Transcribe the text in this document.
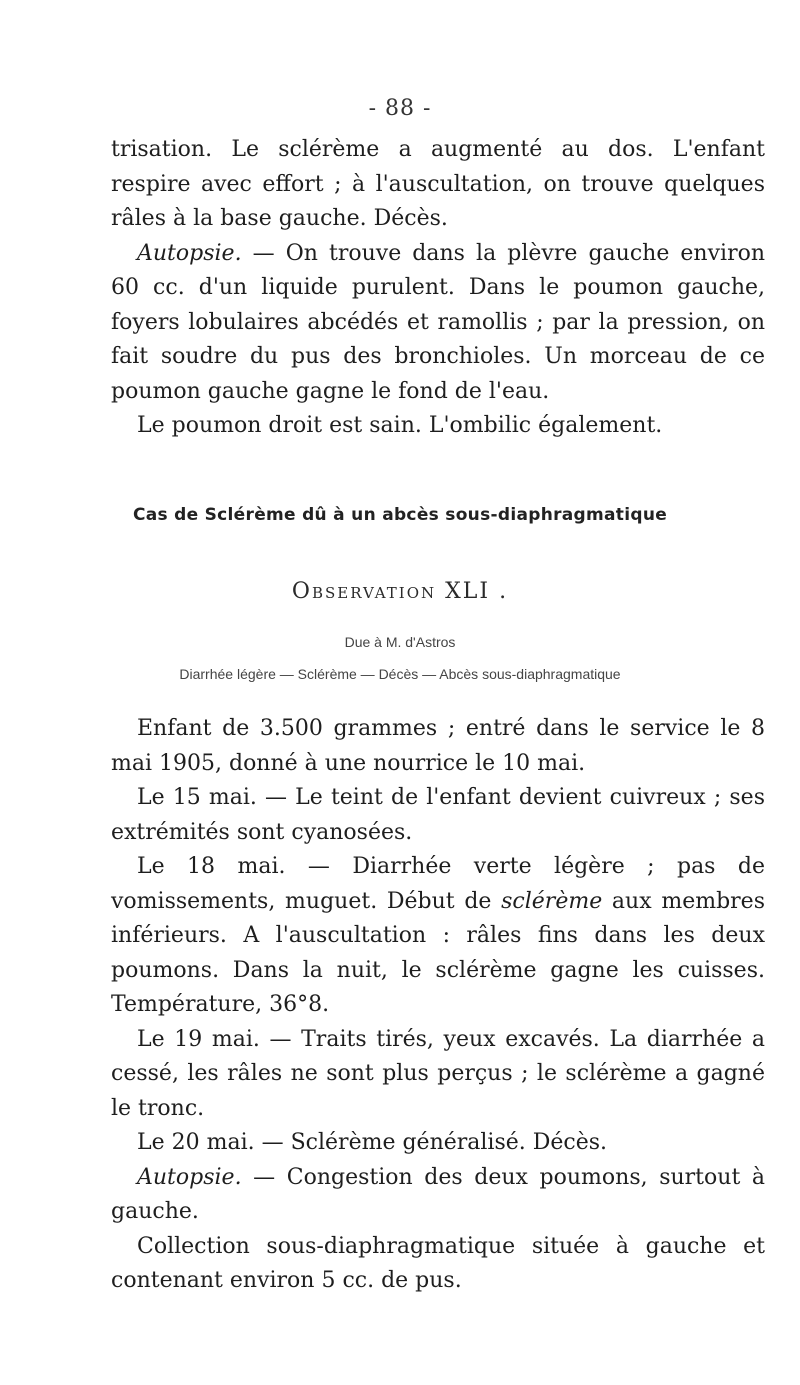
- 88 -

trisation. Le sclérème a augmenté au dos. L'enfant respire avec effort ; à l'auscultation, on trouve quelques râles à la base gauche. Décès.

Autopsie. — On trouve dans la plèvre gauche environ 60 cc. d'un liquide purulent. Dans le poumon gauche, foyers lobulaires abcédés et ramollis ; par la pression, on fait soudre du pus des bronchioles. Un morceau de ce poumon gauche gagne le fond de l'eau.

Le poumon droit est sain. L'ombilic également.

Cas de Sclérème dû à un abcès sous-diaphragmatique
Observation XLI .
Due à M. d'Astros
Diarrhée légère — Sclérème — Décès — Abcès sous-diaphragmatique

Enfant de 3.500 grammes ; entré dans le service le 8 mai 1905, donné à une nourrice le 10 mai.

Le 15 mai. — Le teint de l'enfant devient cuivreux ; ses extrémités sont cyanosées.

Le 18 mai. — Diarrhée verte légère ; pas de vomissements, muguet. Début de sclérème aux membres inférieurs. A l'auscultation : râles fins dans les deux poumons. Dans la nuit, le sclérème gagne les cuisses. Température, 36°8.

Le 19 mai. — Traits tirés, yeux excavés. La diarrhée a cessé, les râles ne sont plus perçus ; le sclérème a gagné le tronc.

Le 20 mai. — Sclérème généralisé. Décès.

Autopsie. — Congestion des deux poumons, surtout à gauche.

Collection sous-diaphragmatique située à gauche et contenant environ 5 cc. de pus.
